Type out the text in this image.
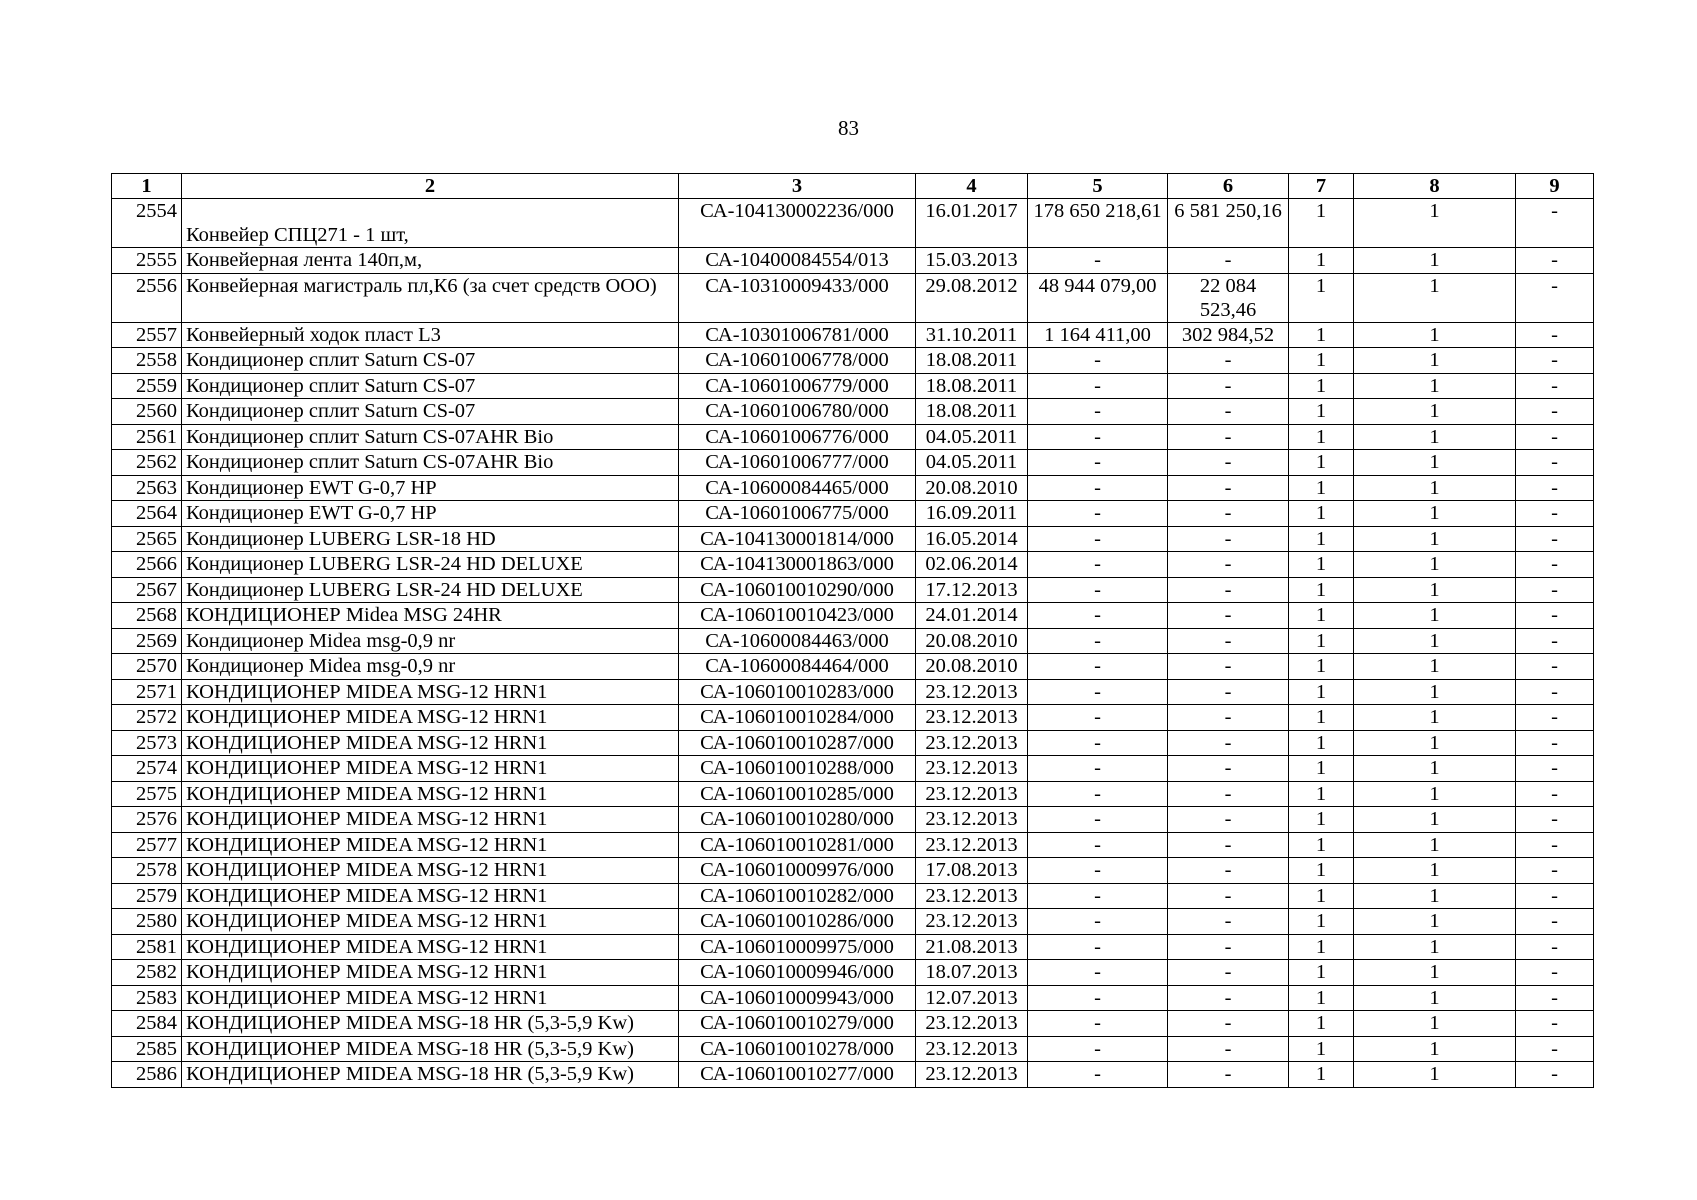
83
1	2	3	4	5	6	7	8	9
2554	Конвейер СПЦ271 - 1 шт,	СА-104130002236/000	16.01.2017	178 650 218,61	6 581 250,16	1	1	-
2555	Конвейерная лента 140п,м,	СА-10400084554/013	15.03.2013	-	-	1	1	-
2556	Конвейерная магистраль пл,К6 (за счет средств ООО)	СА-10310009433/000	29.08.2012	48 944 079,00	22 084 523,46	1	1	-
2557	Конвейерный ходок пласт L3	СА-10301006781/000	31.10.2011	1 164 411,00	302 984,52	1	1	-
2558	Кондиционер сплит Saturn CS-07	СА-10601006778/000	18.08.2011	-	-	1	1	-
2559	Кондиционер сплит Saturn CS-07	СА-10601006779/000	18.08.2011	-	-	1	1	-
2560	Кондиционер сплит Saturn CS-07	СА-10601006780/000	18.08.2011	-	-	1	1	-
2561	Кондиционер сплит Saturn CS-07AHR Bio	СА-10601006776/000	04.05.2011	-	-	1	1	-
2562	Кондиционер сплит Saturn CS-07AHR Bio	СА-10601006777/000	04.05.2011	-	-	1	1	-
2563	Кондиционер EWT G-0,7 HP	СА-10600084465/000	20.08.2010	-	-	1	1	-
2564	Кондиционер EWT G-0,7 HP	СА-10601006775/000	16.09.2011	-	-	1	1	-
2565	Кондиционер LUBERG LSR-18 HD	СА-104130001814/000	16.05.2014	-	-	1	1	-
2566	Кондиционер LUBERG LSR-24 HD DELUXE	СА-104130001863/000	02.06.2014	-	-	1	1	-
2567	Кондиционер LUBERG LSR-24 HD DELUXE	СА-106010010290/000	17.12.2013	-	-	1	1	-
2568	КОНДИЦИОНЕР Midea MSG 24HR	СА-106010010423/000	24.01.2014	-	-	1	1	-
2569	Кондиционер Midea msg-0,9 nr	СА-10600084463/000	20.08.2010	-	-	1	1	-
2570	Кондиционер Midea msg-0,9 nr	СА-10600084464/000	20.08.2010	-	-	1	1	-
2571	КОНДИЦИОНЕР MIDEA MSG-12 HRN1	СА-106010010283/000	23.12.2013	-	-	1	1	-
2572	КОНДИЦИОНЕР MIDEA MSG-12 HRN1	СА-106010010284/000	23.12.2013	-	-	1	1	-
2573	КОНДИЦИОНЕР MIDEA MSG-12 HRN1	СА-106010010287/000	23.12.2013	-	-	1	1	-
2574	КОНДИЦИОНЕР MIDEA MSG-12 HRN1	СА-106010010288/000	23.12.2013	-	-	1	1	-
2575	КОНДИЦИОНЕР MIDEA MSG-12 HRN1	СА-106010010285/000	23.12.2013	-	-	1	1	-
2576	КОНДИЦИОНЕР MIDEA MSG-12 HRN1	СА-106010010280/000	23.12.2013	-	-	1	1	-
2577	КОНДИЦИОНЕР MIDEA MSG-12 HRN1	СА-106010010281/000	23.12.2013	-	-	1	1	-
2578	КОНДИЦИОНЕР MIDEA MSG-12 HRN1	СА-106010009976/000	17.08.2013	-	-	1	1	-
2579	КОНДИЦИОНЕР MIDEA MSG-12 HRN1	СА-106010010282/000	23.12.2013	-	-	1	1	-
2580	КОНДИЦИОНЕР MIDEA MSG-12 HRN1	СА-106010010286/000	23.12.2013	-	-	1	1	-
2581	КОНДИЦИОНЕР MIDEA MSG-12 HRN1	СА-106010009975/000	21.08.2013	-	-	1	1	-
2582	КОНДИЦИОНЕР MIDEA MSG-12 HRN1	СА-106010009946/000	18.07.2013	-	-	1	1	-
2583	КОНДИЦИОНЕР MIDEA MSG-12 HRN1	СА-106010009943/000	12.07.2013	-	-	1	1	-
2584	КОНДИЦИОНЕР MIDEA MSG-18 HR (5,3-5,9 Kw)	СА-106010010279/000	23.12.2013	-	-	1	1	-
2585	КОНДИЦИОНЕР MIDEA MSG-18 HR (5,3-5,9 Kw)	СА-106010010278/000	23.12.2013	-	-	1	1	-
2586	КОНДИЦИОНЕР MIDEA MSG-18 HR (5,3-5,9 Kw)	СА-106010010277/000	23.12.2013	-	-	1	1	-
